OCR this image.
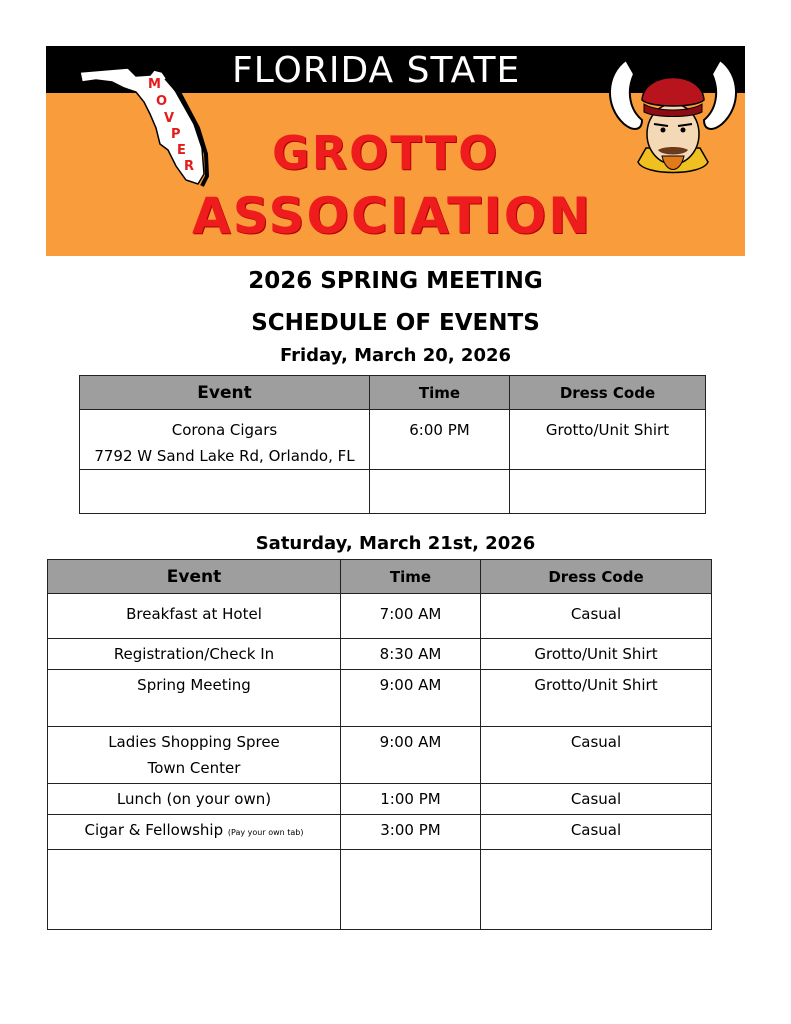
FLORIDA STATE
M
O
V
P
E
R GROTTO
ASSOCIATION
2026 SPRING MEETING
SCHEDULE OF EVENTS
Friday, March 20, 2026
Event	Time	Dress Code

Corona Cigars
7792 W Sand Lake Rd, Orlando, FL	6:00 PM	Grotto/Unit Shirt

Saturday, March 21st, 2026
Event	Time	Dress Code
Breakfast at Hotel	7:00 AM	Casual
Registration/Check In	8:30 AM	Grotto/Unit Shirt
Spring Meeting	9:00 AM	Grotto/Unit Shirt

Ladies Shopping Spree
Town Center	9:00 AM	Casual
Lunch (on your own)	1:00 PM	Casual
Cigar & Fellowship (Pay your own tab)	3:00 PM	Casual
